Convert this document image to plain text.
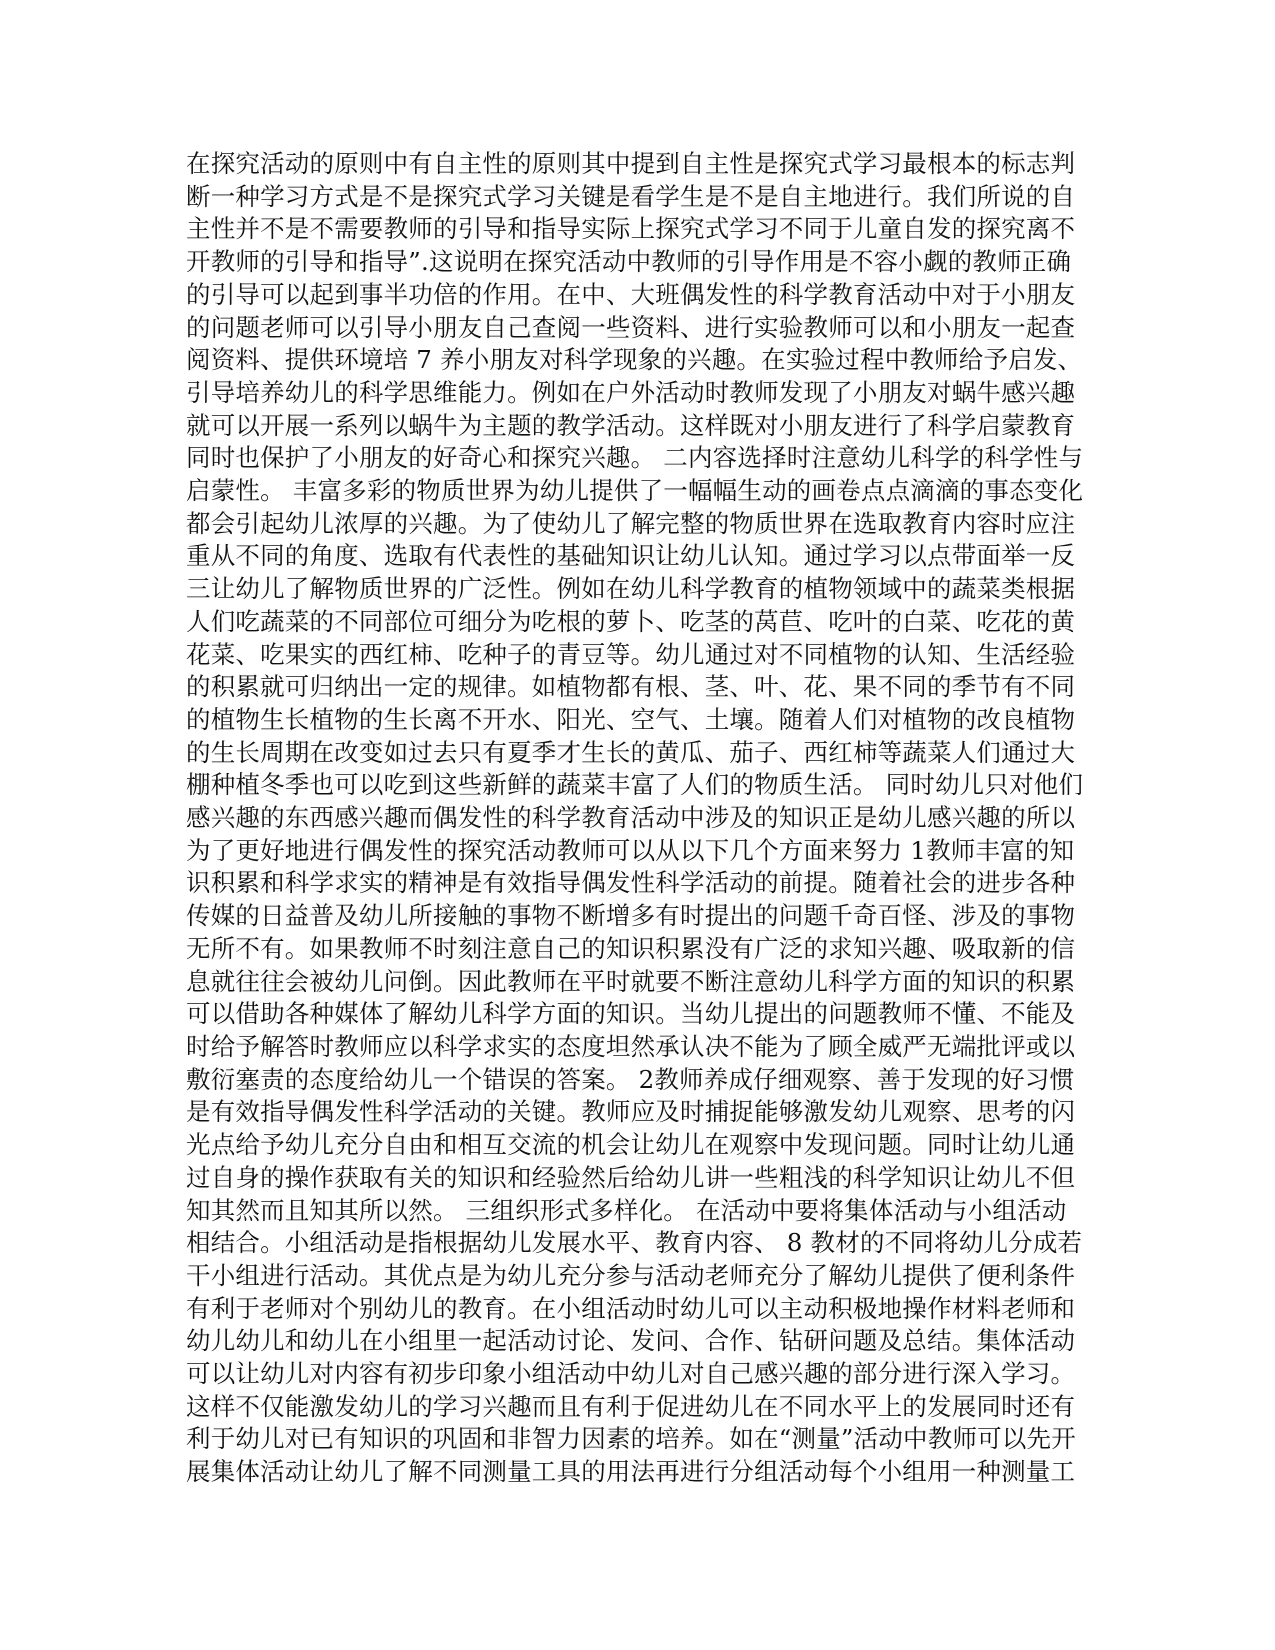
在探究活动的原则中有自主性的原则其中提到自主性是探究式学习最根本的标志判
断一种学习方式是不是探究式学习关键是看学生是不是自主地进行。我们所说的自
主性并不是不需要教师的引导和指导实际上探究式学习不同于儿童自发的探究离不
开教师的引导和指导”.这说明在探究活动中教师的引导作用是不容小觑的教师正确
的引导可以起到事半功倍的作用。在中、大班偶发性的科学教育活动中对于小朋友
的问题老师可以引导小朋友自己查阅一些资料、进行实验教师可以和小朋友一起查
阅资料、提供环境培 7 养小朋友对科学现象的兴趣。在实验过程中教师给予启发、
引导培养幼儿的科学思维能力。例如在户外活动时教师发现了小朋友对蜗牛感兴趣
就可以开展一系列以蜗牛为主题的教学活动。这样既对小朋友进行了科学启蒙教育
同时也保护了小朋友的好奇心和探究兴趣。 二内容选择时注意幼儿科学的科学性与
启蒙性。 丰富多彩的物质世界为幼儿提供了一幅幅生动的画卷点点滴滴的事态变化
都会引起幼儿浓厚的兴趣。为了使幼儿了解完整的物质世界在选取教育内容时应注
重从不同的角度、选取有代表性的基础知识让幼儿认知。通过学习以点带面举一反
三让幼儿了解物质世界的广泛性。例如在幼儿科学教育的植物领域中的蔬菜类根据
人们吃蔬菜的不同部位可细分为吃根的萝卜、吃茎的莴苣、吃叶的白菜、吃花的黄
花菜、吃果实的西红柿、吃种子的青豆等。幼儿通过对不同植物的认知、生活经验
的积累就可归纳出一定的规律。如植物都有根、茎、叶、花、果不同的季节有不同
的植物生长植物的生长离不开水、阳光、空气、土壤。随着人们对植物的改良植物
的生长周期在改变如过去只有夏季才生长的黄瓜、茄子、西红柿等蔬菜人们通过大
棚种植冬季也可以吃到这些新鲜的蔬菜丰富了人们的物质生活。 同时幼儿只对他们
感兴趣的东西感兴趣而偶发性的科学教育活动中涉及的知识正是幼儿感兴趣的所以
为了更好地进行偶发性的探究活动教师可以从以下几个方面来努力 1教师丰富的知
识积累和科学求实的精神是有效指导偶发性科学活动的前提。随着社会的进步各种
传媒的日益普及幼儿所接触的事物不断增多有时提出的问题千奇百怪、涉及的事物
无所不有。如果教师不时刻注意自己的知识积累没有广泛的求知兴趣、吸取新的信
息就往往会被幼儿问倒。因此教师在平时就要不断注意幼儿科学方面的知识的积累
可以借助各种媒体了解幼儿科学方面的知识。当幼儿提出的问题教师不懂、不能及
时给予解答时教师应以科学求实的态度坦然承认决不能为了顾全威严无端批评或以
敷衍塞责的态度给幼儿一个错误的答案。 2教师养成仔细观察、善于发现的好习惯
是有效指导偶发性科学活动的关键。教师应及时捕捉能够激发幼儿观察、思考的闪
光点给予幼儿充分自由和相互交流的机会让幼儿在观察中发现问题。同时让幼儿通
过自身的操作获取有关的知识和经验然后给幼儿讲一些粗浅的科学知识让幼儿不但
知其然而且知其所以然。 三组织形式多样化。 在活动中要将集体活动与小组活动
相结合。小组活动是指根据幼儿发展水平、教育内容、 8 教材的不同将幼儿分成若
干小组进行活动。其优点是为幼儿充分参与活动老师充分了解幼儿提供了便利条件
有利于老师对个别幼儿的教育。在小组活动时幼儿可以主动积极地操作材料老师和
幼儿幼儿和幼儿在小组里一起活动讨论、发问、合作、钻研问题及总结。集体活动
可以让幼儿对内容有初步印象小组活动中幼儿对自己感兴趣的部分进行深入学习。
这样不仅能激发幼儿的学习兴趣而且有利于促进幼儿在不同水平上的发展同时还有
利于幼儿对已有知识的巩固和非智力因素的培养。如在“测量”活动中教师可以先开
展集体活动让幼儿了解不同测量工具的用法再进行分组活动每个小组用一种测量工
